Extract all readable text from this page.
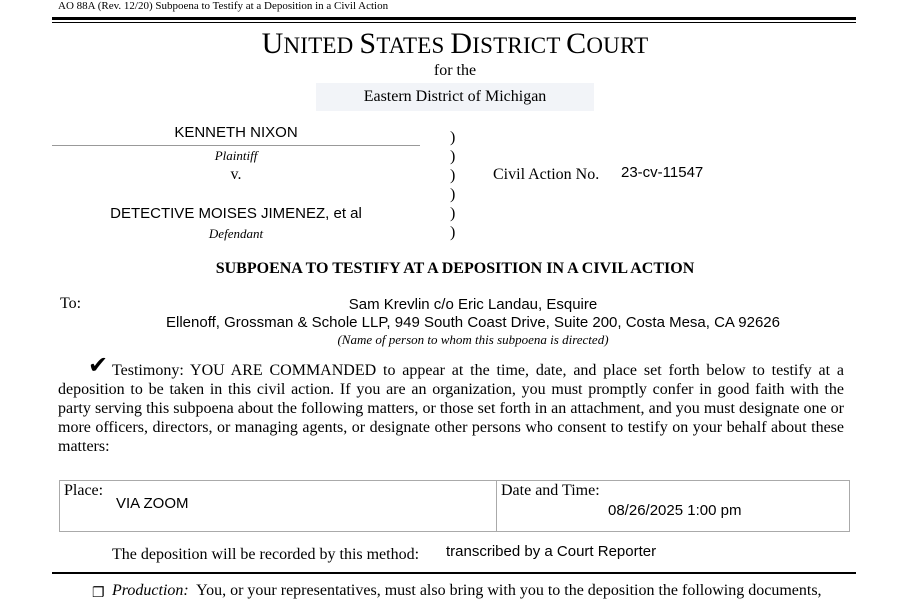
AO 88A (Rev. 12/20) Subpoena to Testify at a Deposition in a Civil Action
UNITED STATES DISTRICT COURT
for the
Eastern District of Michigan
KENNETH NIXON
Plaintiff
v.
DETECTIVE MOISES JIMENEZ, et al
Defendant
)
)
)
)
)
)
Civil Action No. 23-cv-11547
SUBPOENA TO TESTIFY AT A DEPOSITION IN A CIVIL ACTION
To:	Sam Krevlin c/o Eric Landau, Esquire
Ellenoff, Grossman & Schole LLP, 949 South Coast Drive, Suite 200, Costa Mesa, CA 92626
(Name of person to whom this subpoena is directed)
✔ Testimony: YOU ARE COMMANDED to appear at the time, date, and place set forth below to testify at a deposition to be taken in this civil action. If you are an organization, you must promptly confer in good faith with the party serving this subpoena about the following matters, or those set forth in an attachment, and you must designate one or more officers, directors, or managing agents, or designate other persons who consent to testify on your behalf about these matters:
Place:
VIA ZOOM
Date and Time:
08/26/2025 1:00 pm
The deposition will be recorded by this method: transcribed by a Court Reporter
❐ Production: You, or your representatives, must also bring with you to the deposition the following documents,
